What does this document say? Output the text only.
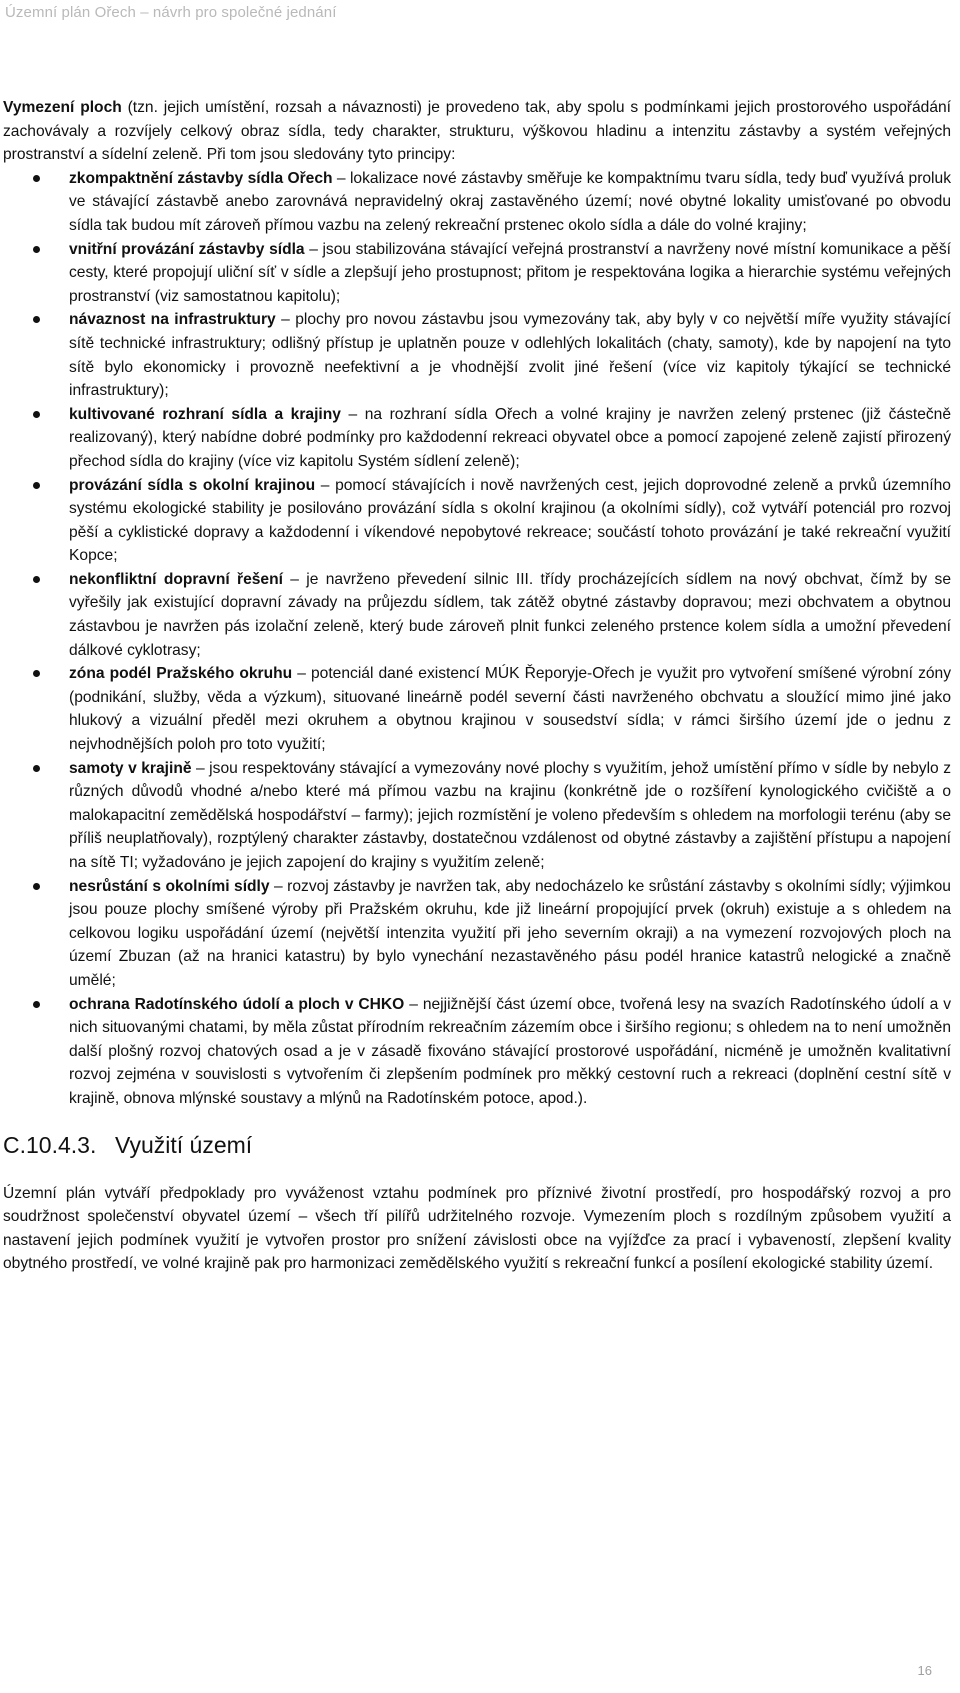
Územní plán Ořech – návrh pro společné jednání

Vymezení ploch (tzn. jejich umístění, rozsah a návaznosti) je provedeno tak, aby spolu s podmínkami jejich prostorového uspořádání zachovávaly a rozvíjely celkový obraz sídla, tedy charakter, strukturu, výškovou hladinu a intenzitu zástavby a systém veřejných prostranství a sídelní zeleně. Při tom jsou sledovány tyto principy:

zkompaktnění zástavby sídla Ořech – lokalizace nové zástavby směřuje ke kompaktnímu tvaru sídla, tedy buď využívá proluk ve stávající zástavbě anebo zarovnává nepravidelný okraj zastavěného území; nové obytné lokality umisťované po obvodu sídla tak budou mít zároveň přímou vazbu na zelený rekreační prstenec okolo sídla a dále do volné krajiny;
vnitřní provázání zástavby sídla – jsou stabilizována stávající veřejná prostranství a navrženy nové místní komunikace a pěší cesty, které propojují uliční síť v sídle a zlepšují jeho prostupnost; přitom je respektována logika a hierarchie systému veřejných prostranství (viz samostatnou kapitolu);
návaznost na infrastruktury – plochy pro novou zástavbu jsou vymezovány tak, aby byly v co největší míře využity stávající sítě technické infrastruktury; odlišný přístup je uplatněn pouze v odlehlých lokalitách (chaty, samoty), kde by napojení na tyto sítě bylo ekonomicky i provozně neefektivní a je vhodnější zvolit jiné řešení (více viz kapitoly týkající se technické infrastruktury);
kultivované rozhraní sídla a krajiny – na rozhraní sídla Ořech a volné krajiny je navržen zelený prstenec (již částečně realizovaný), který nabídne dobré podmínky pro každodenní rekreaci obyvatel obce a pomocí zapojené zeleně zajistí přirozený přechod sídla do krajiny (více viz kapitolu Systém sídlení zeleně);
provázání sídla s okolní krajinou – pomocí stávajících i nově navržených cest, jejich doprovodné zeleně a prvků územního systému ekologické stability je posilováno provázání sídla s okolní krajinou (a okolními sídly), což vytváří potenciál pro rozvoj pěší a cyklistické dopravy a každodenní i víkendové nepobytové rekreace; součástí tohoto provázání je také rekreační využití Kopce;
nekonfliktní dopravní řešení – je navrženo převedení silnic III. třídy procházejících sídlem na nový obchvat, čímž by se vyřešily jak existující dopravní závady na průjezdu sídlem, tak zátěž obytné zástavby dopravou; mezi obchvatem a obytnou zástavbou je navržen pás izolační zeleně, který bude zároveň plnit funkci zeleného prstence kolem sídla a umožní převedení dálkové cyklotrasy;
zóna podél Pražského okruhu – potenciál dané existencí MÚK Řeporyje-Ořech je využit pro vytvoření smíšené výrobní zóny (podnikání, služby, věda a výzkum), situované lineárně podél severní části navrženého obchvatu a sloužící mimo jiné jako hlukový a vizuální předěl mezi okruhem a obytnou krajinou v sousedství sídla; v rámci širšího území jde o jednu z nejvhodnějších poloh pro toto využití;
samoty v krajině – jsou respektovány stávající a vymezovány nové plochy s využitím, jehož umístění přímo v sídle by nebylo z různých důvodů vhodné a/nebo které má přímou vazbu na krajinu (konkrétně jde o rozšíření kynologického cvičiště a o malokapacitní zemědělská hospodářství – farmy); jejich rozmístění je voleno především s ohledem na morfologii terénu (aby se příliš neuplatňovaly), rozptýlený charakter zástavby, dostatečnou vzdálenost od obytné zástavby a zajištění přístupu a napojení na sítě TI; vyžadováno je jejich zapojení do krajiny s využitím zeleně;
nesrůstání s okolními sídly – rozvoj zástavby je navržen tak, aby nedocházelo ke srůstání zástavby s okolními sídly; výjimkou jsou pouze plochy smíšené výroby při Pražském okruhu, kde již lineární propojující prvek (okruh) existuje a s ohledem na celkovou logiku uspořádání území (největší intenzita využití při jeho severním okraji) a na vymezení rozvojových ploch na území Zbuzan (až na hranici katastru) by bylo vynechání nezastavěného pásu podél hranice katastrů nelogické a značně umělé;
ochrana Radotínského údolí a ploch v CHKO – nejjižnější část území obce, tvořená lesy na svazích Radotínského údolí a v nich situovanými chatami, by měla zůstat přírodním rekreačním zázemím obce i širšího regionu; s ohledem na to není umožněn další plošný rozvoj chatových osad a je v zásadě fixováno stávající prostorové uspořádání, nicméně je umožněn kvalitativní rozvoj zejména v souvislosti s vytvořením či zlepšením podmínek pro měkký cestovní ruch a rekreaci (doplnění cestní sítě v krajině, obnova mlýnské soustavy a mlýnů na Radotínském potoce, apod.).
C.10.4.3. Využití území

Územní plán vytváří předpoklady pro vyváženost vztahu podmínek pro příznivé životní prostředí, pro hospodářský rozvoj a pro soudržnost společenství obyvatel území – všech tří pilířů udržitelného rozvoje. Vymezením ploch s rozdílným způsobem využití a nastavení jejich podmínek využití je vytvořen prostor pro snížení závislosti obce na vyjížďce za prací i vybaveností, zlepšení kvality obytného prostředí, ve volné krajině pak pro harmonizaci zemědělského využití s rekreační funkcí a posílení ekologické stability území.

16
